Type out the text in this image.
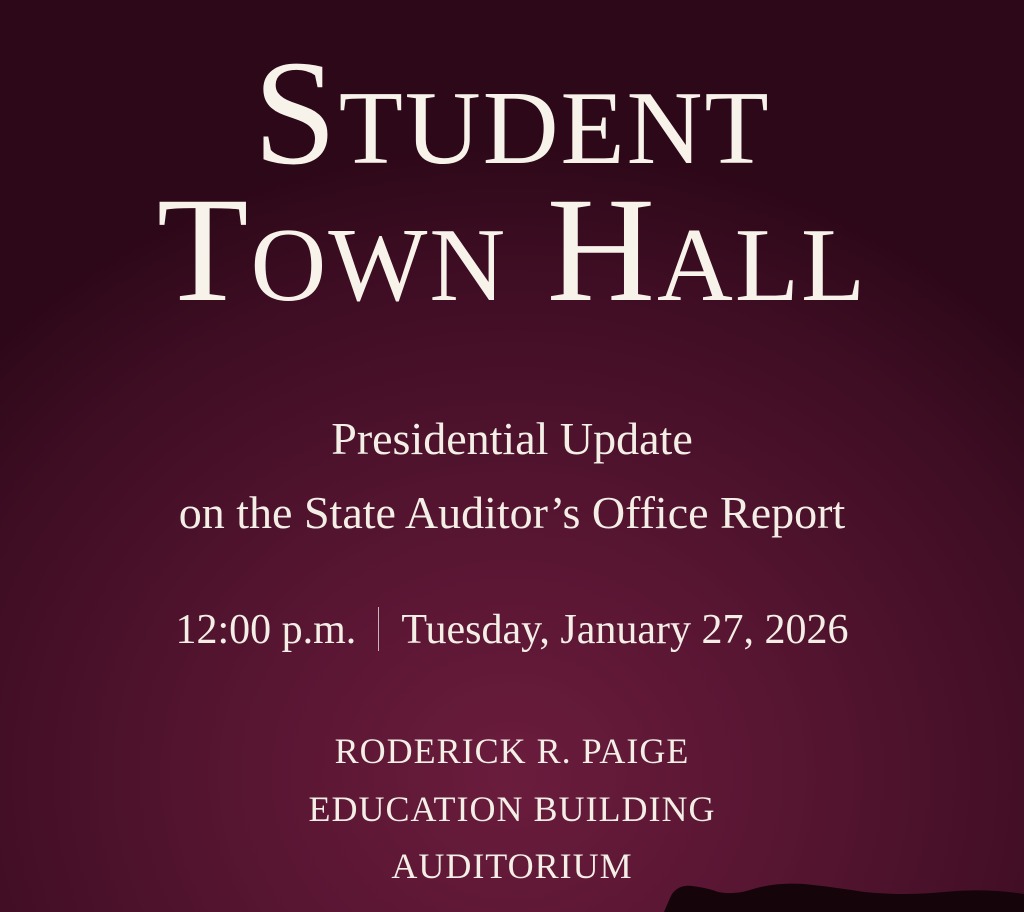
Student
Town Hall
Presidential Update
on the State Auditor’s Office Report
12:00 p.m. Tuesday, January 27, 2026
RODERICK R. PAIGE
EDUCATION BUILDING
AUDITORIUM
